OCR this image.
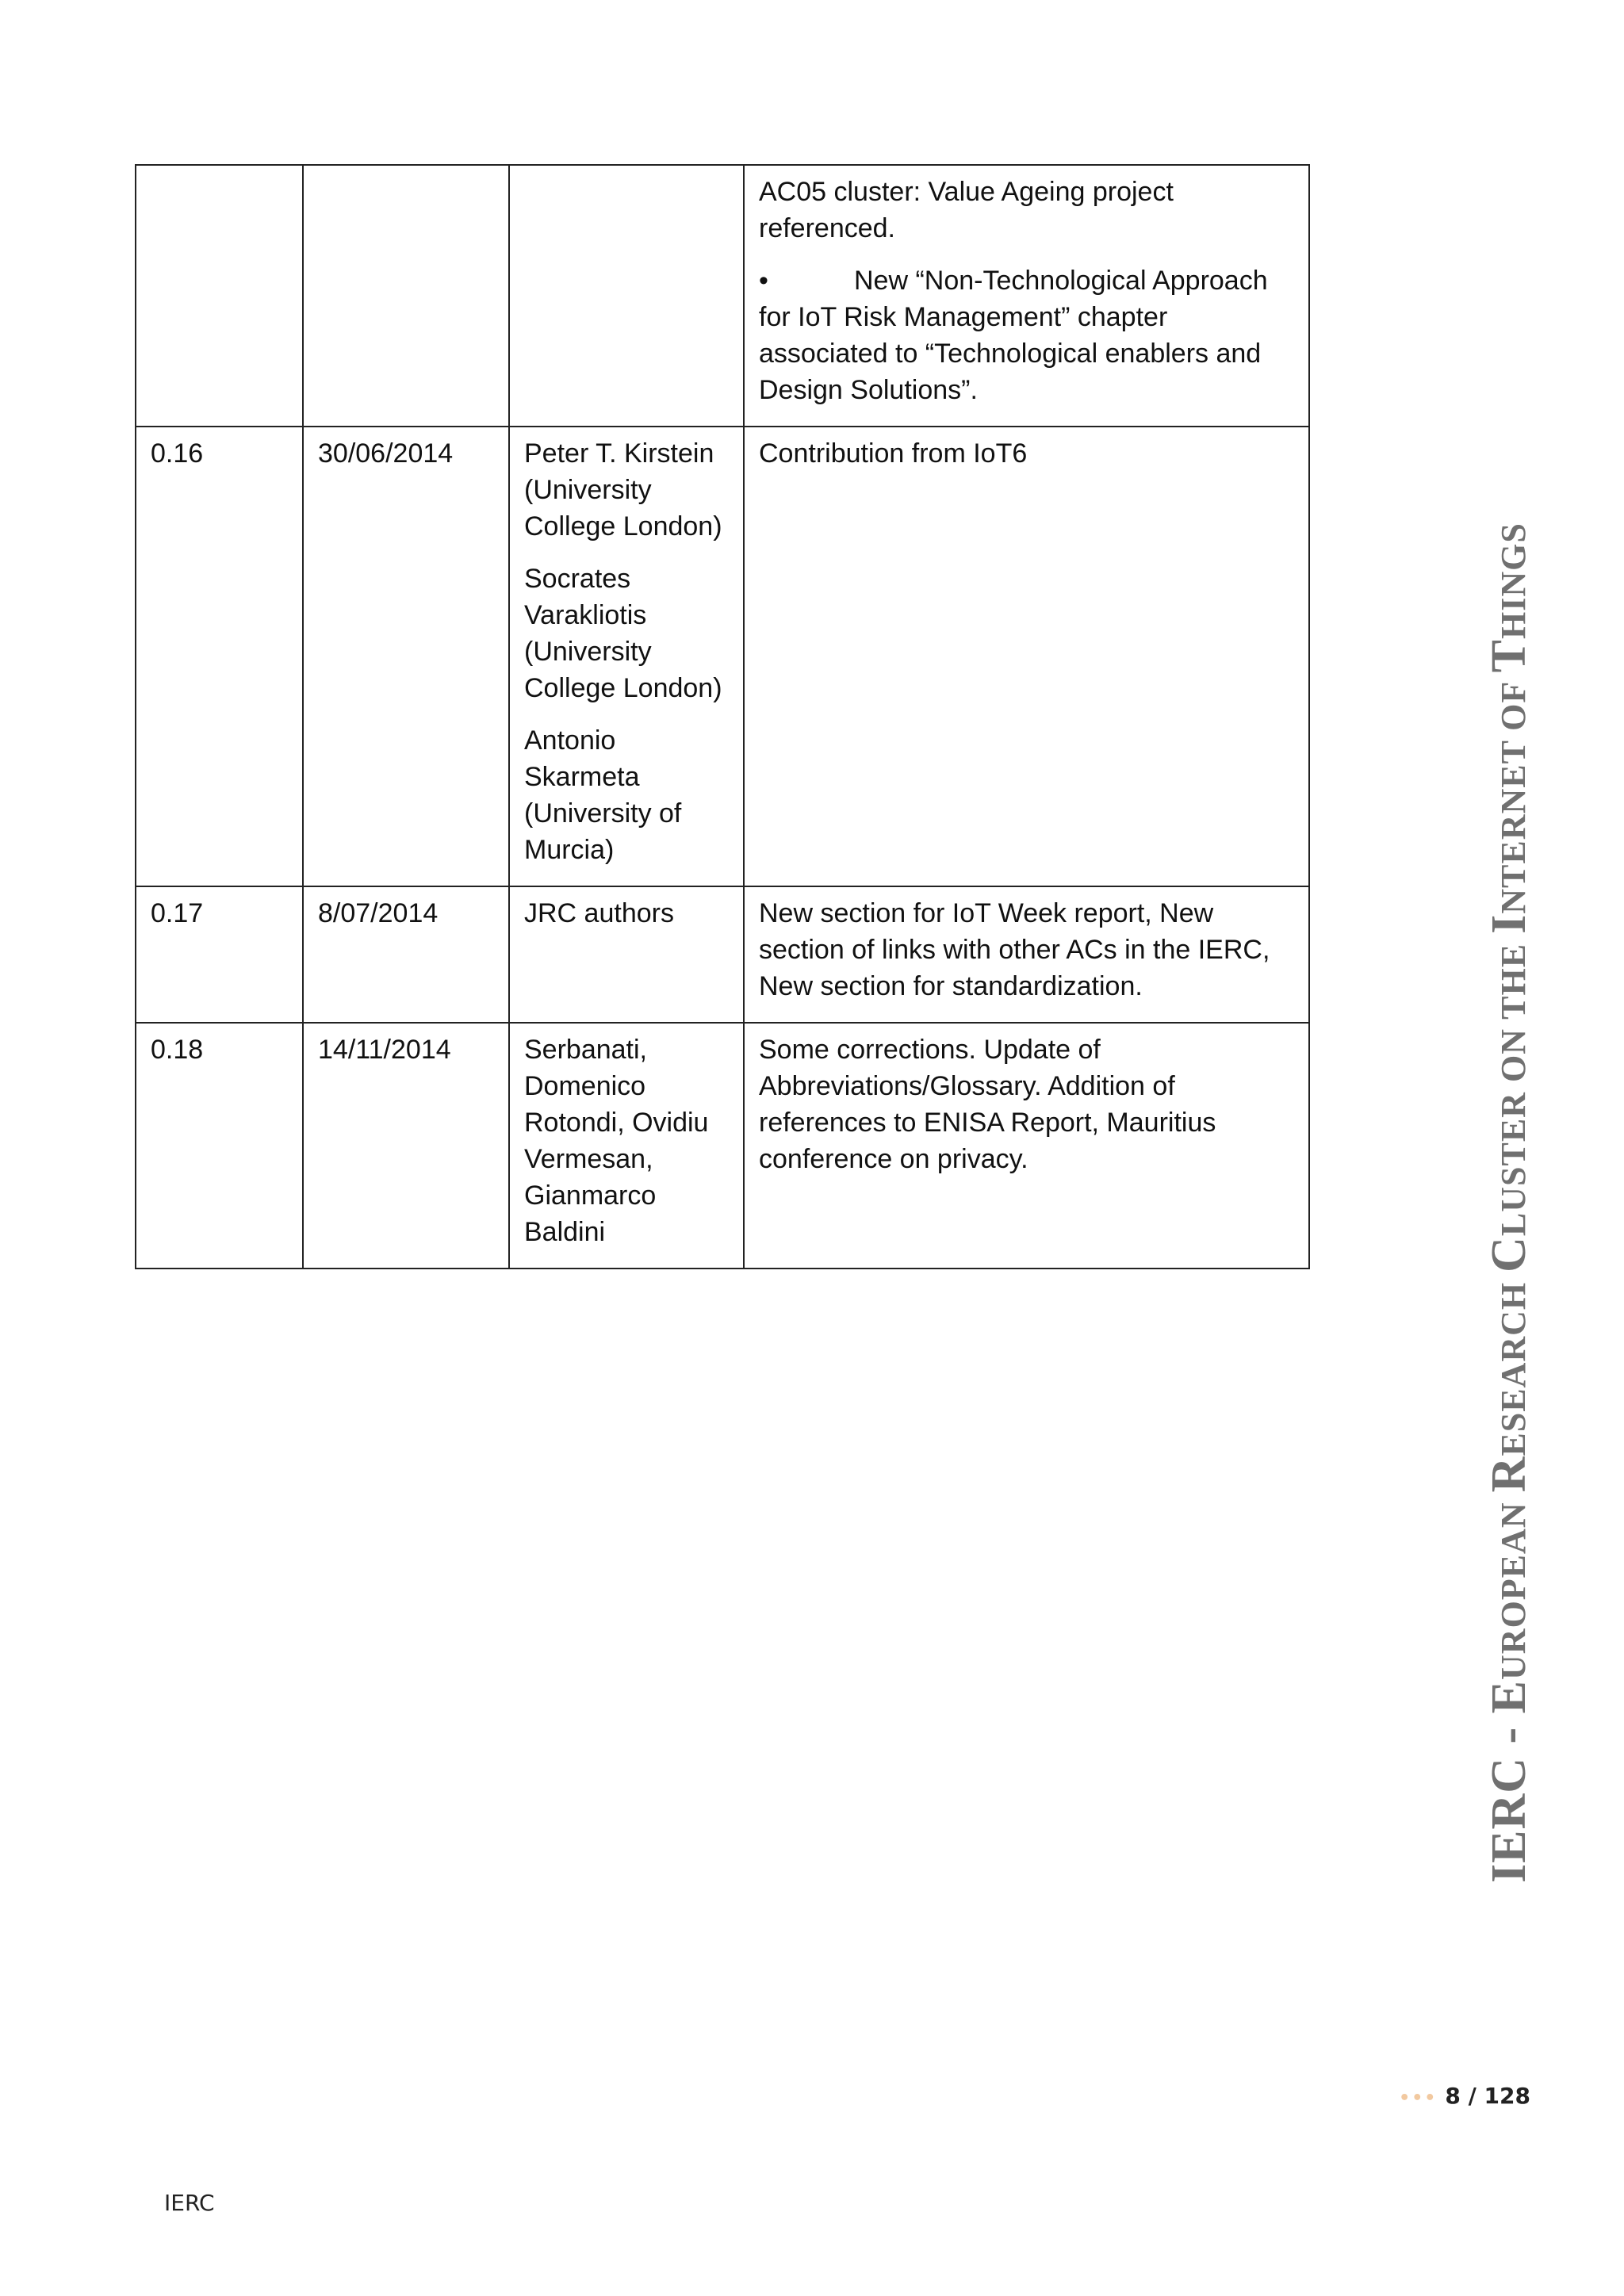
			AC05 cluster: Value Ageing project referenced.
• New “Non-Technological Approach for IoT Risk Management” chapter associated to “Technological enablers and Design Solutions”.

0.16	30/06/2014	Peter T. Kirstein (University College London)
Socrates Varakliotis (University College London)
Antonio Skarmeta (University of Murcia)	Contribution from IoT6

0.17	8/07/2014	JRC authors	New section for IoT Week report, New section of links with other ACs in the IERC, New section for standardization.

0.18	14/11/2014	Serbanati, Domenico Rotondi, Ovidiu Vermesan, Gianmarco Baldini	Some corrections. Update of Abbreviations/Glossary. Addition of references to ENISA Report, Mauritius conference on privacy.
IERC - EUROPEAN RESEARCH CLUSTER ON THE INTERNET OF THINGS
••• 8 / 128
IERC
